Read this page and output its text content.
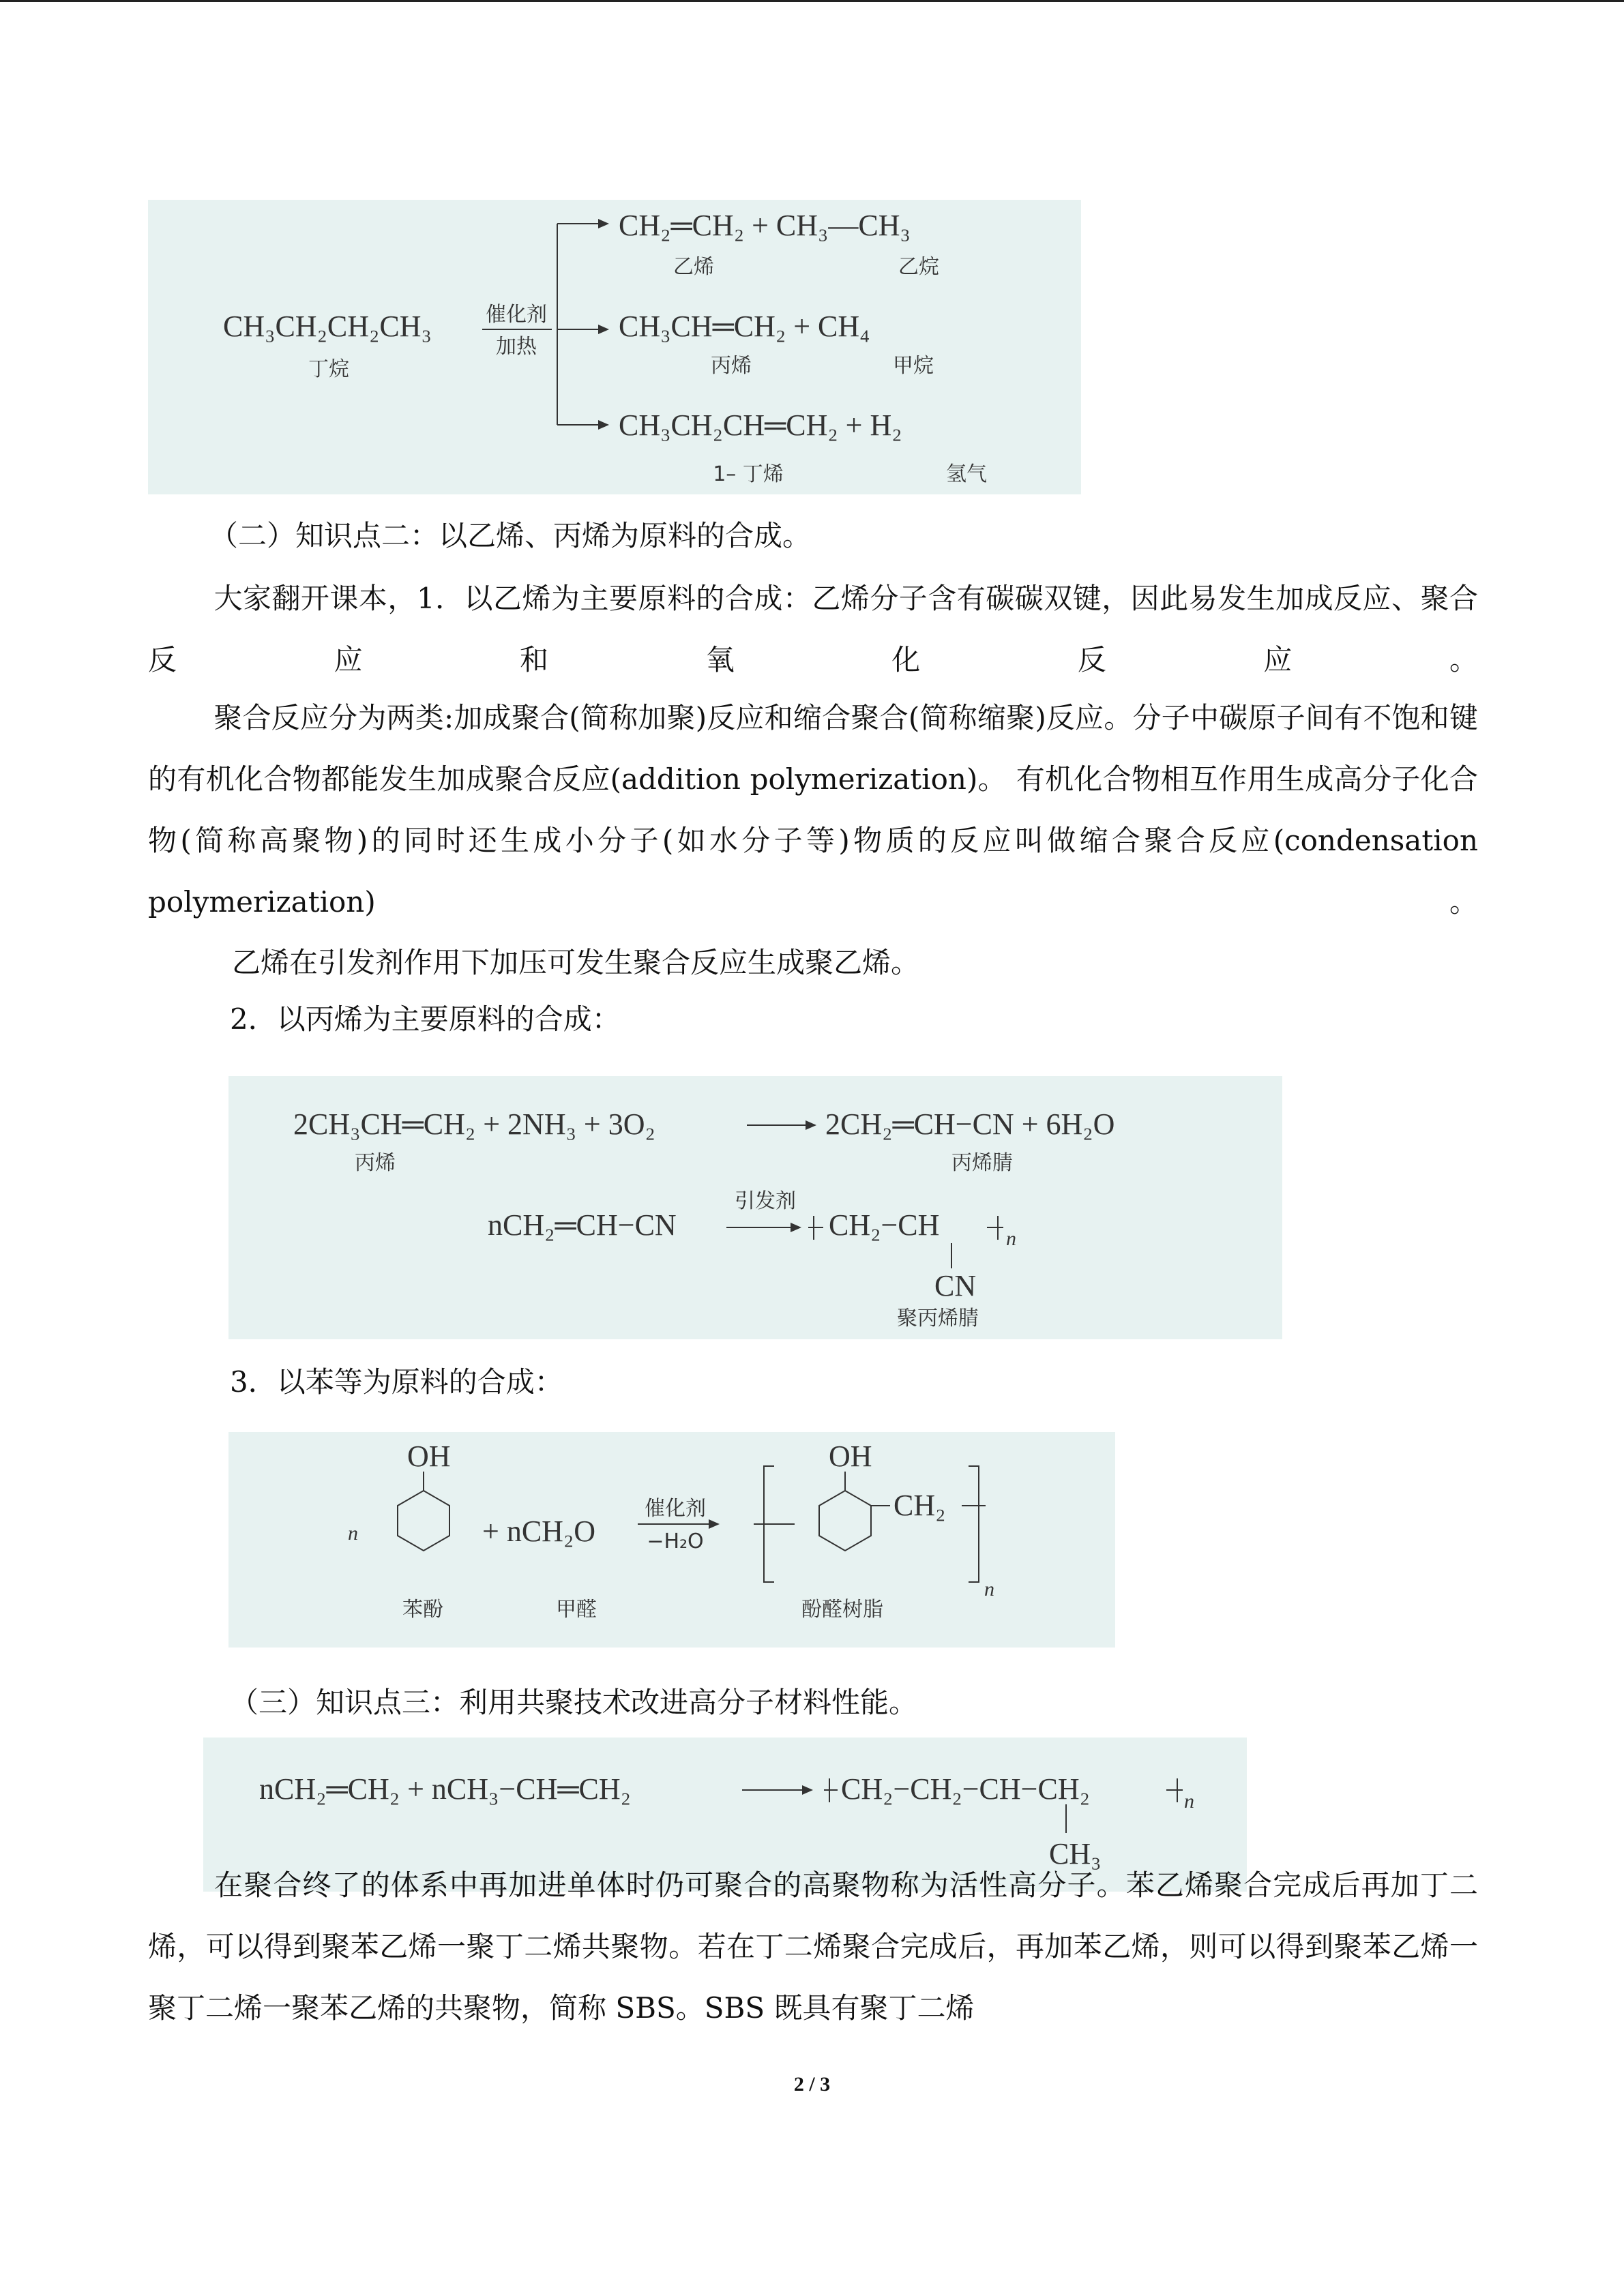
CH₃CH₂CH₂CH₃
丁烷
催化剂
加热
CH₂═CH₂ + CH₃—CH₃
乙烯	乙烷
CH₃CH═CH₂ + CH₄
丙烯	甲烷
CH₃CH₂CH═CH₂ + H₂
1– 丁烯	氢气
（二）知识点二：以乙烯、丙烯为原料的合成。
大家翻开课本，1．以乙烯为主要原料的合成：乙烯分子含有碳碳双键，因此易发生加成反应、聚合反应和氧化反应。
聚合反应分为两类:加成聚合(简称加聚)反应和缩合聚合(简称缩聚)反应。分子中碳原子间有不饱和键的有机化合物都能发生加成聚合反应(addition polymerization)。 有机化合物相互作用生成高分子化合物(简称高聚物)的同时还生成小分子(如水分子等)物质的反应叫做缩合聚合反应(condensation polymerization)。
乙烯在引发剂作用下加压可发生聚合反应生成聚乙烯。
2．以丙烯为主要原料的合成：
2CH₃CH═CH₂ + 2NH₃ + 3O₂
丙烯
2CH₂═CH−CN + 6H₂O
丙烯腈
nCH₂═CH−CN
引发剂
CH₂−CH	n
CN
聚丙烯腈
3．以苯等为原料的合成：
n
OH
+ nCH₂O
催化剂
−H₂O
OH
CH₂
n
苯酚	甲醛	酚醛树脂
（三）知识点三：利用共聚技术改进高分子材料性能。
nCH₂═CH₂ + nCH₃−CH═CH₂	CH₂−CH₂−CH−CH₂	n
CH₃
在聚合终了的体系中再加进单体时仍可聚合的高聚物称为活性高分子。苯乙烯聚合完成后再加丁二烯，可以得到聚苯乙烯一聚丁二烯共聚物。若在丁二烯聚合完成后，再加苯乙烯，则可以得到聚苯乙烯一聚丁二烯一聚苯乙烯的共聚物，简称 SBS。SBS 既具有聚丁二烯
2 / 3
